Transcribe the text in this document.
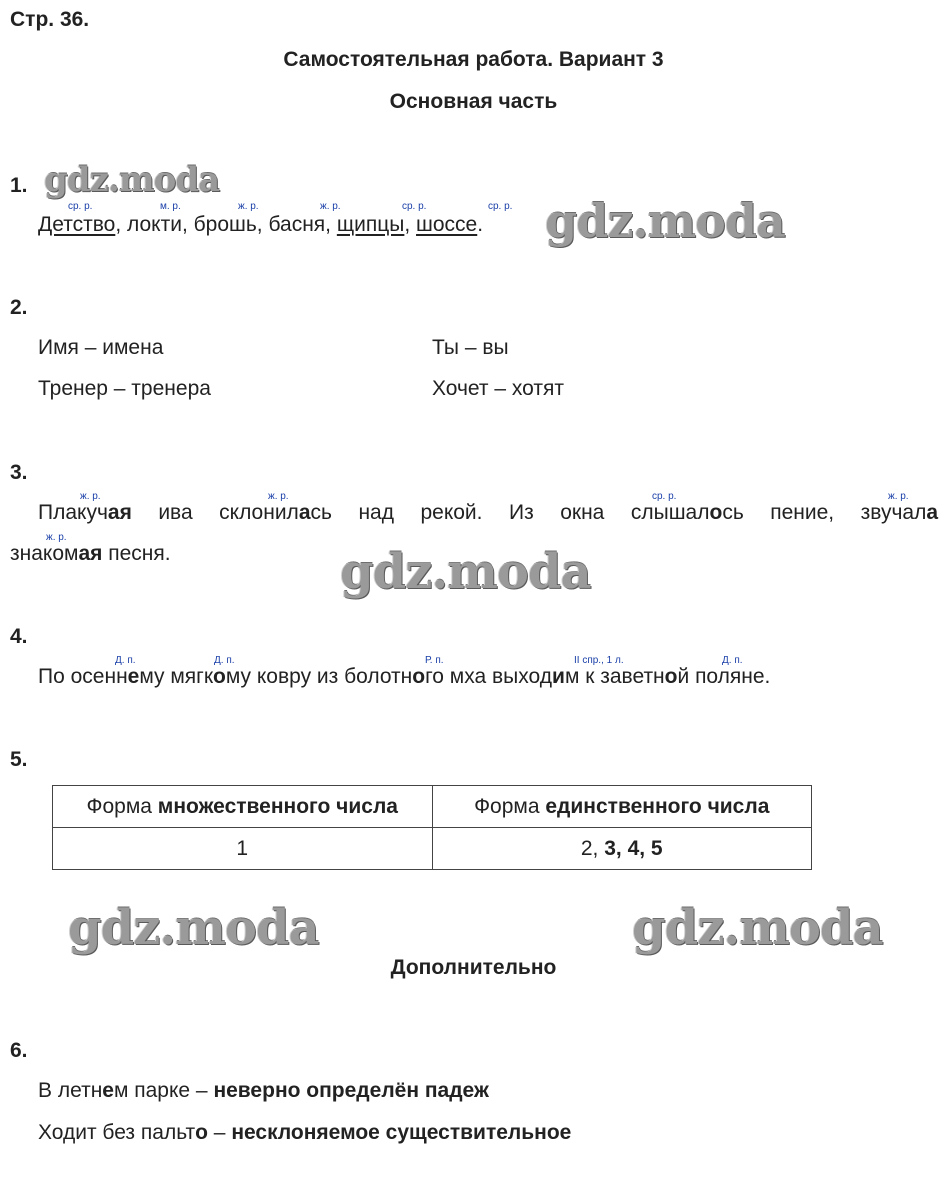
Стр. 36.
Самостоятельная работа. Вариант 3
Основная часть
1. gdz.moda
Детство, локти, брошь, басня, щипцы, шоссе.
ср. р.	м. р.	ж. р.	ж. р.	ср. р.	ср. р. gdz.moda
2.
Имя – имена	Ты – вы
Тренер – тренера	Хочет – хотят
3.
ж. р.	ж. р.	ср. р.	ж. р.
Плакучая ива склонилась над рекой. Из окна слышалось пение, звучала
ж. р.
знакомая песня.	gdz.moda
4.
Д. п.	Д. п.	Р. п.	II спр., 1 л.	Д. п.
По осеннему мягкому ковру из болотного мха выходим к заветной поляне.
5.
Форма множественного числа	Форма единственного числа
1	2, 3, 4, 5
gdz.moda	gdz.moda
Дополнительно
6.
В летнем парке – неверно определён падеж
Ходит без пальто – несклоняемое существительное
